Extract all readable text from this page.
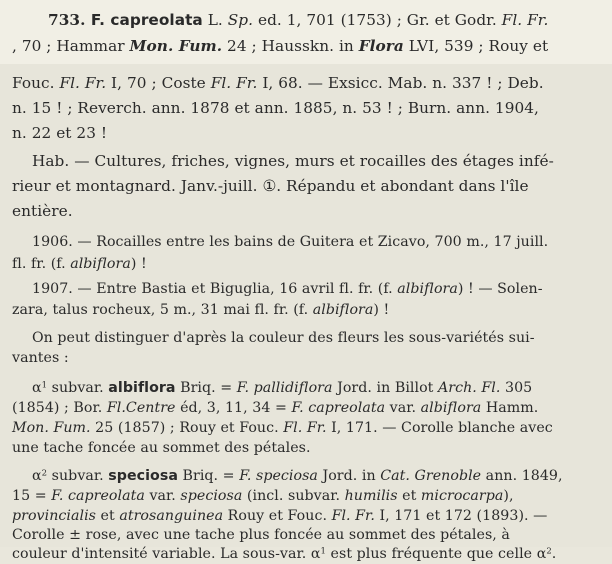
733. F. capreolata L. Sp. ed. 1, 701 (1753) ; Gr. et Godr. Fl. Fr.
, 70 ; Hammar Mon. Fum. 24 ; Hausskn. in Flora LVI, 539 ; Rouy et
Fouc. Fl. Fr. I, 70 ; Coste Fl. Fr. I, 68. — Exsicc. Mab. n. 337 ! ; Deb.
n. 15 ! ; Reverch. ann. 1878 et ann. 1885, n. 53 ! ; Burn. ann. 1904,
n. 22 et 23 !
Hab. — Cultures, friches, vignes, murs et rocailles des étages infé-
rieur et montagnard. Janv.-juill. ①. Répandu et abondant dans l'île
entière.
1906. — Rocailles entre les bains de Guitera et Zicavo, 700 m., 17 juill.
fl. fr. (f. albiflora) !
1907. — Entre Bastia et Biguglia, 16 avril fl. fr. (f. albiflora) ! — Solen-
zara, talus rocheux, 5 m., 31 mai fl. fr. (f. albiflora) !
On peut distinguer d'après la couleur des fleurs les sous-variétés sui-
vantes :
$\alpha^1$ subvar. albiflora Briq. = F. pallidiflora Jord. in Billot Arch. Fl. 305
(1854) ; Bor. Fl.Centre éd, 3, 11, 34 = F. capreolata var. albiflora Hamm.
Mon. Fum. 25 (1857) ; Rouy et Fouc. Fl. Fr. I, 171. — Corolle blanche avec
une tache foncée au sommet des pétales.
$\alpha^2$ subvar. speciosa Briq. = F. speciosa Jord. in Cat. Grenoble ann. 1849,
15 = F. capreolata var. speciosa (incl. subvar. humilis et microcarpa),
provincialis et atrosanguinea Rouy et Fouc. Fl. Fr. I, 171 et 172 (1893). —
Corolle ± rose, avec une tache plus foncée au sommet des pétales, à
couleur d'intensité variable. La sous-var. $\alpha^1$ est plus fréquente que celle $\alpha^2$.
